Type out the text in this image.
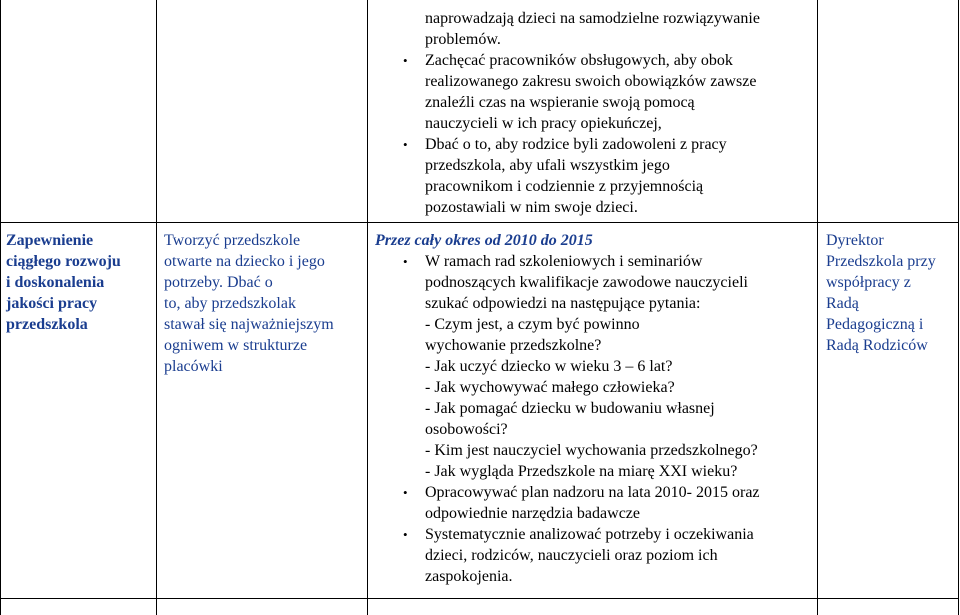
naprowadzają dzieci na samodzielne rozwiązywanie
problemów.
• Zachęcać pracowników obsługowych, aby obok
realizowanego zakresu swoich obowiązków zawsze
znaleźli czas na wspieranie swoją pomocą
nauczycieli w ich pracy opiekuńczej,
• Dbać o to, aby rodzice byli zadowoleni z pracy
przedszkola, aby ufali wszystkim jego
pracownikom i codziennie z przyjemnością
pozostawiali w nim swoje dzieci.
Zapewnienie
ciągłego rozwoju
i doskonalenia
jakości pracy
przedszkola
Tworzyć przedszkole
otwarte na dziecko i jego
potrzeby. Dbać o
to, aby przedszkolak
stawał się najważniejszym
ogniwem w strukturze
placówki
Przez cały okres od 2010 do 2015
• W ramach rad szkoleniowych i seminariów
podnoszących kwalifikacje zawodowe nauczycieli
szukać odpowiedzi na następujące pytania:
- Czym jest, a czym być powinno
wychowanie przedszkolne?
- Jak uczyć dziecko w wieku 3 – 6 lat?
- Jak wychowywać małego człowieka?
- Jak pomagać dziecku w budowaniu własnej
osobowości?
- Kim jest nauczyciel wychowania przedszkolnego?
- Jak wygląda Przedszkole na miarę XXI wieku?
• Opracowywać plan nadzoru na lata 2010- 2015 oraz
odpowiednie narzędzia badawcze
• Systematycznie analizować potrzeby i oczekiwania
dzieci, rodziców, nauczycieli oraz poziom ich
zaspokojenia.
Dyrektor
Przedszkola przy
współpracy z
Radą
Pedagogiczną i
Radą Rodziców
